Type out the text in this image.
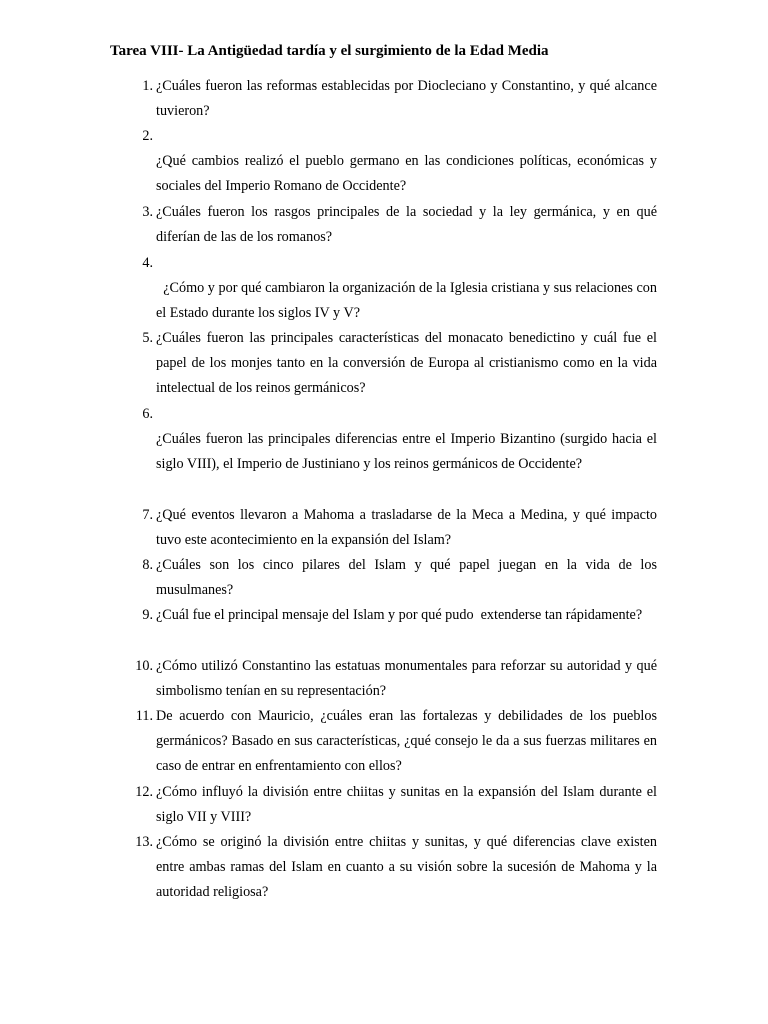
Tarea VIII- La Antigüedad tardía y el surgimiento de la Edad Media
1. ¿Cuáles fueron las reformas establecidas por Diocleciano y Constantino, y qué alcance tuvieron?
2.
¿Qué cambios realizó el pueblo germano en las condiciones políticas, económicas y sociales del Imperio Romano de Occidente?
3. ¿Cuáles fueron los rasgos principales de la sociedad y la ley germánica, y en qué diferían de las de los romanos?
4.
¿Cómo y por qué cambiaron la organización de la Iglesia cristiana y sus relaciones con el Estado durante los siglos IV y V?
5. ¿Cuáles fueron las principales características del monacato benedictino y cuál fue el papel de los monjes tanto en la conversión de Europa al cristianismo como en la vida intelectual de los reinos germánicos?
6.
¿Cuáles fueron las principales diferencias entre el Imperio Bizantino (surgido hacia el siglo VIII), el Imperio de Justiniano y los reinos germánicos de Occidente?
7. ¿Qué eventos llevaron a Mahoma a trasladarse de la Meca a Medina, y qué impacto tuvo este acontecimiento en la expansión del Islam?
8. ¿Cuáles son los cinco pilares del Islam y qué papel juegan en la vida de los musulmanes?
9. ¿Cuál fue el principal mensaje del Islam y por qué pudo  extenderse tan rápidamente?
10. ¿Cómo utilizó Constantino las estatuas monumentales para reforzar su autoridad y qué simbolismo tenían en su representación?
11. De acuerdo con Mauricio, ¿cuáles eran las fortalezas y debilidades de los pueblos germánicos? Basado en sus características, ¿qué consejo le da a sus fuerzas militares en caso de entrar en enfrentamiento con ellos?
12. ¿Cómo influyó la división entre chiitas y sunitas en la expansión del Islam durante el siglo VII y VIII?
13. ¿Cómo se originó la división entre chiitas y sunitas, y qué diferencias clave existen entre ambas ramas del Islam en cuanto a su visión sobre la sucesión de Mahoma y la autoridad religiosa?
